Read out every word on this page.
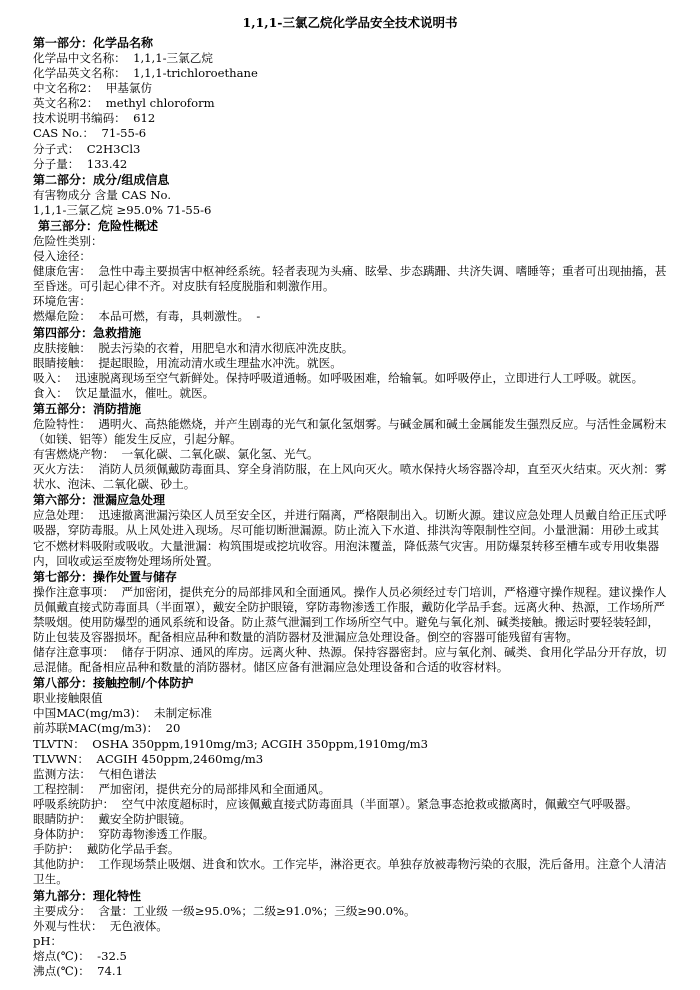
1,1,1-三氯乙烷化学品安全技术说明书
第一部分：化学品名称
化学品中文名称：  1,1,1-三氯乙烷
化学品英文名称：  1,1,1-trichloroethane
中文名称2：  甲基氯仿
英文名称2：  methyl chloroform
技术说明书编码：  612
CAS No.：  71-55-6
分子式：  C2H3Cl3
分子量：  133.42
第二部分：成分/组成信息
有害物成分 含量 CAS No.
1,1,1-三氯乙烷 ≥95.0% 71-55-6
第三部分：危险性概述
危险性类别：
侵入途径：
健康危害：  急性中毒主要损害中枢神经系统。轻者表现为头痛、眩晕、步态蹒跚、共济失调、嗜睡等；重者可出现抽搐，甚至昏迷。可引起心律不齐。对皮肤有轻度脱脂和刺激作用。
环境危害：
燃爆危险：  本品可燃，有毒，具刺激性。  -
第四部分：急救措施
皮肤接触：  脱去污染的衣着，用肥皂水和清水彻底冲洗皮肤。
眼睛接触：  提起眼睑，用流动清水或生理盐水冲洗。就医。
吸入：  迅速脱离现场至空气新鲜处。保持呼吸道通畅。如呼吸困难，给输氧。如呼吸停止，立即进行人工呼吸。就医。
食入：  饮足量温水，催吐。就医。
第五部分：消防措施
危险特性：  遇明火、高热能燃烧，并产生剧毒的光气和氯化氢烟雾。与碱金属和碱土金属能发生强烈反应。与活性金属粉末（如镁、铝等）能发生反应，引起分解。
有害燃烧产物：  一氧化碳、二氧化碳、氯化氢、光气。
灭火方法：  消防人员须佩戴防毒面具、穿全身消防服，在上风向灭火。喷水保持火场容器冷却，直至灭火结束。灭火剂：雾状水、泡沫、二氧化碳、砂土。
第六部分：泄漏应急处理
应急处理：  迅速撤离泄漏污染区人员至安全区，并进行隔离，严格限制出入。切断火源。建议应急处理人员戴自给正压式呼吸器，穿防毒服。从上风处进入现场。尽可能切断泄漏源。防止流入下水道、排洪沟等限制性空间。小量泄漏：用砂土或其它不燃材料吸附或吸收。大量泄漏：构筑围堤或挖坑收容。用泡沫覆盖，降低蒸气灾害。用防爆泵转移至槽车或专用收集器内，回收或运至废物处理场所处置。
第七部分：操作处置与储存
操作注意事项：  严加密闭，提供充分的局部排风和全面通风。操作人员必须经过专门培训，严格遵守操作规程。建议操作人员佩戴直接式防毒面具（半面罩），戴安全防护眼镜，穿防毒物渗透工作服，戴防化学品手套。远离火种、热源，工作场所严禁吸烟。使用防爆型的通风系统和设备。防止蒸气泄漏到工作场所空气中。避免与氧化剂、碱类接触。搬运时要轻装轻卸，防止包装及容器损坏。配备相应品种和数量的消防器材及泄漏应急处理设备。倒空的容器可能残留有害物。
储存注意事项：  储存于阴凉、通风的库房。远离火种、热源。保持容器密封。应与氧化剂、碱类、食用化学品分开存放，切忌混储。配备相应品种和数量的消防器材。储区应备有泄漏应急处理设备和合适的收容材料。
第八部分：接触控制/个体防护
职业接触限值
中国MAC(mg/m3)：  未制定标准
前苏联MAC(mg/m3)：  20
TLVTN：  OSHA 350ppm,1910mg/m3; ACGIH 350ppm,1910mg/m3
TLVWN：  ACGIH 450ppm,2460mg/m3
监测方法：  气相色谱法
工程控制：  严加密闭，提供充分的局部排风和全面通风。
呼吸系统防护：  空气中浓度超标时，应该佩戴直接式防毒面具（半面罩）。紧急事态抢救或撤离时，佩戴空气呼吸器。
眼睛防护：  戴安全防护眼镜。
身体防护：  穿防毒物渗透工作服。
手防护：  戴防化学品手套。
其他防护：  工作现场禁止吸烟、进食和饮水。工作完毕，淋浴更衣。单独存放被毒物污染的衣服，洗后备用。注意个人清洁卫生。
第九部分：理化特性
主要成分：  含量：工业级 一级≥95.0%；二级≥91.0%；三级≥90.0%。
外观与性状：  无色液体。
pH：
熔点(℃)：  -32.5
沸点(℃)：  74.1
